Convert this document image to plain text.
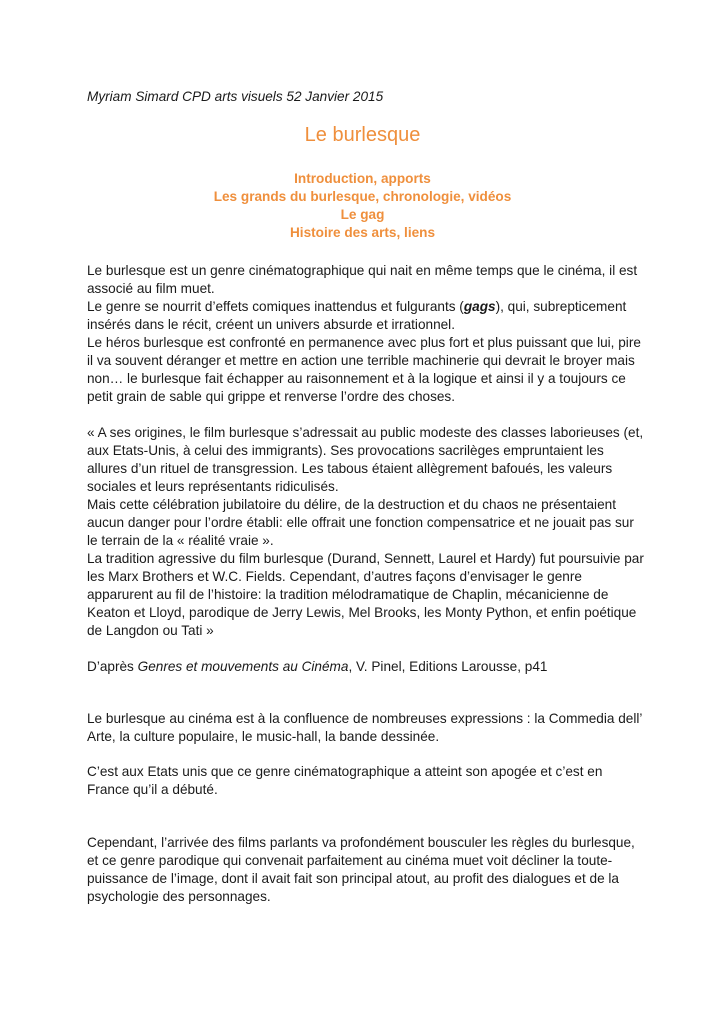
Myriam Simard CPD arts visuels 52 Janvier 2015
Le burlesque
Introduction, apports
Les grands du burlesque, chronologie, vidéos
Le gag
Histoire des arts, liens

Le burlesque est un genre cinématographique qui nait en même temps que le cinéma, il est associé au film muet.

Le genre se nourrit d’effets comiques inattendus et fulgurants (gags), qui, subrepticement insérés dans le récit, créent un univers absurde et irrationnel.

Le héros burlesque est confronté en permanence avec plus fort et plus puissant que lui, pire il va souvent déranger et mettre en action une terrible machinerie qui devrait le broyer mais non… le burlesque fait échapper au raisonnement et à la logique et ainsi il y a toujours ce petit grain de sable qui grippe et renverse l’ordre des choses.

« A ses origines, le film burlesque s’adressait au public modeste des classes laborieuses (et, aux Etats-Unis, à celui des immigrants). Ses provocations sacrilèges empruntaient les allures d’un rituel de transgression. Les tabous étaient allègrement bafoués, les valeurs sociales et leurs représentants ridiculisés.

Mais cette célébration jubilatoire du délire, de la destruction et du chaos ne présentaient aucun danger pour l’ordre établi: elle offrait une fonction compensatrice et ne jouait pas sur le terrain de la « réalité vraie ».

La tradition agressive du film burlesque (Durand, Sennett, Laurel et Hardy) fut poursuivie par les Marx Brothers et W.C. Fields. Cependant, d’autres façons d’envisager le genre apparurent au fil de l’histoire: la tradition mélodramatique de Chaplin, mécanicienne de Keaton et Lloyd, parodique de Jerry Lewis, Mel Brooks, les Monty Python, et enfin poétique de Langdon ou Tati »

D’après Genres et mouvements au Cinéma, V. Pinel, Editions Larousse, p41

Le burlesque au cinéma est à la confluence de nombreuses expressions : la Commedia dell’ Arte, la culture populaire, le music-hall, la bande dessinée.
C’est aux Etats unis que ce genre cinématographique a atteint son apogée et c’est en France qu’il a débuté.
Cependant, l’arrivée des films parlants va profondément bousculer les règles du burlesque, et ce genre parodique qui convenait parfaitement au cinéma muet voit décliner la toute-puissance de l’image, dont il avait fait son principal atout, au profit des dialogues et de la psychologie des personnages.
